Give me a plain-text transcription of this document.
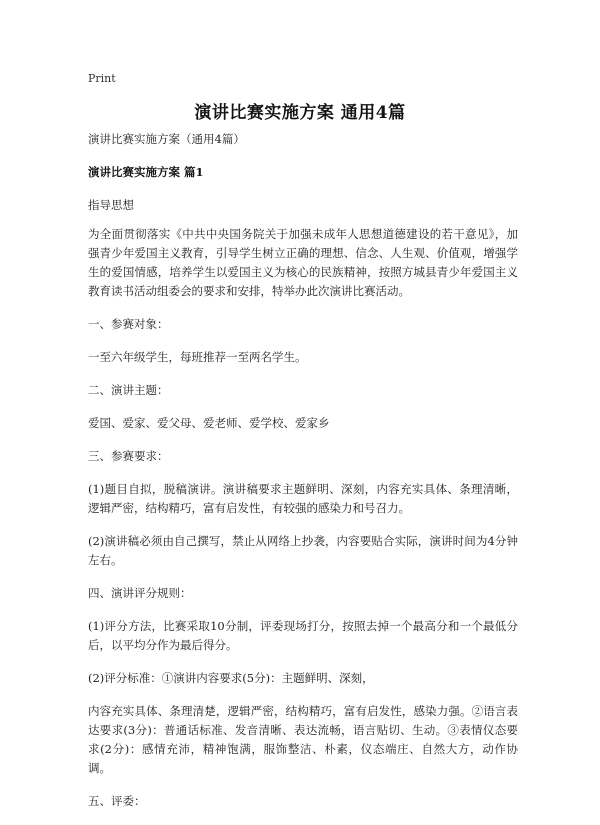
Print
演讲比赛实施方案 通用4篇

演讲比赛实施方案（通用4篇）

演讲比赛实施方案 篇1

指导思想

为全面贯彻落实《中共中央国务院关于加强未成年人思想道德建设的若干意见》，加强青少年爱国主义教育，引导学生树立正确的理想、信念、人生观、价值观，增强学生的爱国情感，培养学生以爱国主义为核心的民族精神，按照方城县青少年爱国主义教育读书活动组委会的要求和安排，特举办此次演讲比赛活动。

一、参赛对象：

一至六年级学生，每班推荐一至两名学生。

二、演讲主题：

爱国、爱家、爱父母、爱老师、爱学校、爱家乡

三、参赛要求：

(1)题目自拟，脱稿演讲。演讲稿要求主题鲜明、深刻，内容充实具体、条理清晰，逻辑严密，结构精巧，富有启发性，有较强的感染力和号召力。

(2)演讲稿必须由自己撰写，禁止从网络上抄袭，内容要贴合实际，演讲时间为4分钟左右。

四、演讲评分规则：

(1)评分方法，比赛采取10分制，评委现场打分，按照去掉一个最高分和一个最低分后，以平均分作为最后得分。

(2)评分标准：①演讲内容要求(5分)：主题鲜明、深刻，

内容充实具体、条理清楚，逻辑严密，结构精巧，富有启发性，感染力强。②语言表达要求(3分)：普通话标准、发音清晰、表达流畅，语言贴切、生动。③表情仪态要求(2分)：感情充沛，精神饱满，服饰整洁、朴素，仪态端庄、自然大方，动作协调。

五、评委：
